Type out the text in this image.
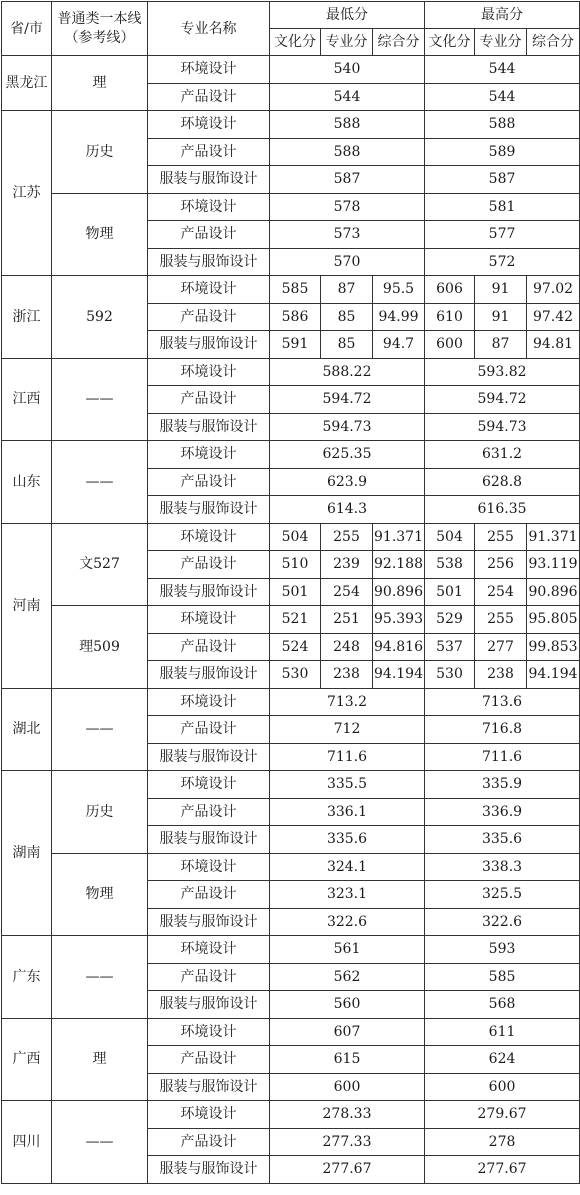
省/市	普通类一本线
（参考线）	专业名称	最低分			最高分		
			文化分	专业分	综合分	文化分	专业分	综合分
黑龙江	理	环境设计	540			544		
		产品设计	544			544		
江苏	历史	环境设计	588			588		
		产品设计	588			589		
		服装与服饰设计	587			587		
	物理	环境设计	578			581		
		产品设计	573			577		
		服装与服饰设计	570			572		
浙江	592	环境设计	585	87	95.5	606	91	97.02
		产品设计	586	85	94.99	610	91	97.42
		服装与服饰设计	591	85	94.7	600	87	94.81
江西	——	环境设计	588.22			593.82		
		产品设计	594.72			594.72		
		服装与服饰设计	594.73			594.73		
山东	——	环境设计	625.35			631.2		
		产品设计	623.9			628.8		
		服装与服饰设计	614.3			616.35		
河南	文527	环境设计	504	255	91.371	504	255	91.371
		产品设计	510	239	92.188	538	256	93.119
		服装与服饰设计	501	254	90.896	501	254	90.896
	理509	环境设计	521	251	95.393	529	255	95.805
		产品设计	524	248	94.816	537	277	99.853
		服装与服饰设计	530	238	94.194	530	238	94.194
湖北	——	环境设计	713.2			713.6		
		产品设计	712			716.8		
		服装与服饰设计	711.6			711.6		
湖南	历史	环境设计	335.5			335.9		
		产品设计	336.1			336.9		
		服装与服饰设计	335.6			335.6		
	物理	环境设计	324.1			338.3		
		产品设计	323.1			325.5		
		服装与服饰设计	322.6			322.6		
广东	——	环境设计	561			593		
		产品设计	562			585		
		服装与服饰设计	560			568		
广西	理	环境设计	607			611		
		产品设计	615			624		
		服装与服饰设计	600			600		
四川	——	环境设计	278.33			279.67		
		产品设计	277.33			278		
		服装与服饰设计	277.67			277.67		
